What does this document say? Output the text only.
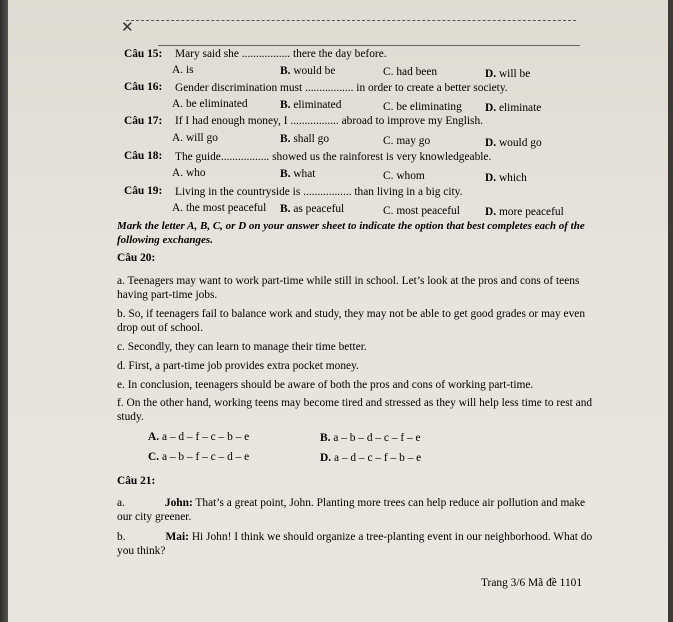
✕
Câu 15: Mary said she ................. there the day before.
A. is	B. would be	C. had been	D. will be
Câu 16: Gender discrimination must ................. in order to create a better society.
A. be eliminated	B. eliminated	C. be eliminating D. eliminate
Câu 17: If I had enough money, I ................. abroad to improve my English.
A. will go	B. shall go	C. may go	D. would go
Câu 18: The guide................. showed us the rainforest is very knowledgeable.
A. who	B. what	C. whom	D. which
Câu 19: Living in the countryside is ................. than living in a big city.
A. the most peaceful B. as peaceful	C. most peaceful D. more peaceful
Mark the letter A, B, C, or D on your answer sheet to indicate the option that best completes each of the following exchanges.
Câu 20:
a. Teenagers may want to work part-time while still in school. Let’s look at the pros and cons of teens having part-time jobs.
b. So, if teenagers fail to balance work and study, they may not be able to get good grades or may even drop out of school.
c. Secondly, they can learn to manage their time better.
d. First, a part-time job provides extra pocket money.
e. In conclusion, teenagers should be aware of both the pros and cons of working part-time.
f. On the other hand, working teens may become tired and stressed as they will help less time to rest and study.
A. a – d – f – c – b – e	B. a – b – d – c – f – e
C. a – b – f – c – d – e	D. a – d – c – f – b – e
Câu 21:
a.	John: That’s a great point, John. Planting more trees can help reduce air pollution and make our city greener.
b.	Mai: Hi John! I think we should organize a tree-planting event in our neighborhood. What do you think?
Trang 3/6 Mã đề 1101
